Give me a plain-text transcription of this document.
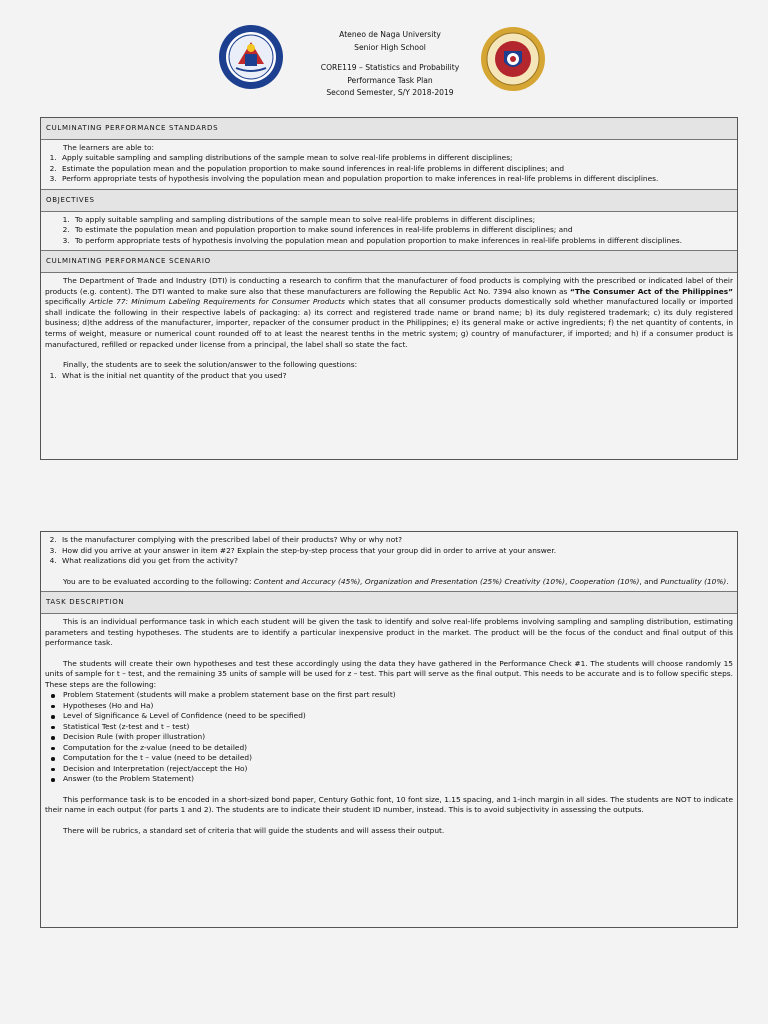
Ateneo de Naga University
Senior High School
CORE119 – Statistics and Probability
Performance Task Plan
Second Semester, S/Y 2018-2019
CULMINATING PERFORMANCE STANDARDS
The learners are able to:
1. Apply suitable sampling and sampling distributions of the sample mean to solve real-life problems in different disciplines;
2. Estimate the population mean and the population proportion to make sound inferences in real-life problems in different disciplines; and
3. Perform appropriate tests of hypothesis involving the population mean and population proportion to make inferences in real-life problems in different disciplines.
OBJECTIVES
1. To apply suitable sampling and sampling distributions of the sample mean to solve real-life problems in different disciplines;
2. To estimate the population mean and population proportion to make sound inferences in real-life problems in different disciplines; and
3. To perform appropriate tests of hypothesis involving the population mean and population proportion to make inferences in real-life problems in different disciplines.
CULMINATING PERFORMANCE SCENARIO
The Department of Trade and Industry (DTI) is conducting a research to confirm that the manufacturer of food products is complying with the prescribed or indicated label of their products (e.g. content). The DTI wanted to make sure also that these manufacturers are following the Republic Act No. 7394 also known as “The Consumer Act of the Philippines” specifically Article 77: Minimum Labeling Requirements for Consumer Products which states that all consumer products domestically sold whether manufactured locally or imported shall indicate the following in their respective labels of packaging: a) its correct and registered trade name or brand name; b) its duly registered trademark; c) its duly registered business; d)the address of the manufacturer, importer, repacker of the consumer product in the Philippines; e) its general make or active ingredients; f) the net quantity of contents, in terms of weight, measure or numerical count rounded off to at least the nearest tenths in the metric system; g) country of manufacturer, if imported; and h) if a consumer product is manufactured, refilled or repacked under license from a principal, the label shall so state the fact.
Finally, the students are to seek the solution/answer to the following questions:
1. What is the initial net quantity of the product that you used?
2. Is the manufacturer complying with the prescribed label of their products? Why or why not?
3. How did you arrive at your answer in item #2? Explain the step-by-step process that your group did in order to arrive at your answer.
4. What realizations did you get from the activity?
You are to be evaluated according to the following: Content and Accuracy (45%), Organization and Presentation (25%) Creativity (10%), Cooperation (10%), and Punctuality (10%).
TASK DESCRIPTION
This is an individual performance task in which each student will be given the task to identify and solve real-life problems involving sampling and sampling distribution, estimating parameters and testing hypotheses. The students are to identify a particular inexpensive product in the market. The product will be the focus of the conduct and final output of this performance task.
The students will create their own hypotheses and test these accordingly using the data they have gathered in the Performance Check #1. The students will choose randomly 15 units of sample for t – test, and the remaining 35 units of sample will be used for z – test. This part will serve as the final output. This needs to be accurate and is to follow specific steps. These steps are the following:
Problem Statement (students will make a problem statement base on the first part result)
Hypotheses (Ho and Ha)
Level of Significance & Level of Confidence (need to be specified)
Statistical Test (z-test and t – test)
Decision Rule (with proper illustration)
Computation for the z-value (need to be detailed)
Computation for the t – value (need to be detailed)
Decision and Interpretation (reject/accept the Ho)
Answer (to the Problem Statement)
This performance task is to be encoded in a short-sized bond paper, Century Gothic font, 10 font size, 1.15 spacing, and 1-inch margin in all sides. The students are NOT to indicate their name in each output (for parts 1 and 2). The students are to indicate their student ID number, instead. This is to avoid subjectivity in assessing the outputs.
There will be rubrics, a standard set of criteria that will guide the students and will assess their output.
